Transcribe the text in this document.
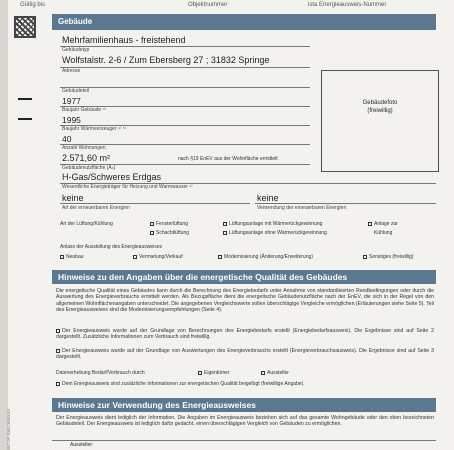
Gültig bis	Objektnummer	ista Energieausweis-Nummer
Gebäude
Mehrfamilienhaus - freistehend
Gebäudetyp
Wolfstalstr. 2-6 / Zum Ebersberg 27 ; 31832 Springe
Adresse
Gebäudeteil
1977
Baujahr Gebäude ⁴⁾
1995
Baujahr Wärmeerzeuger ⁴⁾ ⁵⁾
40
Anzahl Wohnungen
2.571,60 m²	nach §19 EnEV aus der Wohnfläche ermittelt
Gebäudenutzfläche (Aₙ)
H-Gas/Schweres Erdgas
Wesentliche Energieträger für Heizung und Warmwasser ⁴⁾
Gebäudefoto
(freiwillig)
keine	keine
Art der erneuerbaren Energien	Verwendung der erneuerbaren Energien
Art der Lüftung/Kühlung	Fensterlüftung	Lüftungsanlage mit Wärmerückgewinnung	Anlage zur
Schachtlüftung	Lüftungsanlage ohne Wärmerückgewinnung	Kühlung
Anlass der Ausstellung des Energieausweises
Neubau	Vermietung/Verkauf	Modernisierung (Änderung/Erweiterung)	Sonstiges (freiwillig)
Hinweise zu den Angaben über die energetische Qualität des Gebäudes
Die energetische Qualität eines Gebäudes kann durch die Berechnung des Energiebedarfs unter Annahme von standardisierten Randbedingungen oder durch die Auswertung des Energieverbrauchs ermittelt werden. Als Bezugsfläche dient die energetische Gebäudenutzfläche nach der EnEV, die sich in der Regel von den allgemeinen Wohnflächenangaben unterscheidet. Die angegebenen Vergleichswerte sollen überschlägige Vergleiche ermöglichen (Erläuterungen siehe Seite 5). Teil des Energieausweises sind die Modernisierungsempfehlungen (Seite 4).
Der Energieausweis wurde auf der Grundlage von Berechnungen des Energiebedarfs erstellt (Energiebedarfsausweis). Die Ergebnisse sind auf Seite 2 dargestellt. Zusätzliche Informationen zum Verbrauch sind freiwillig.
Der Energieausweis wurde auf der Grundlage von Auswertungen des Energieverbrauchs erstellt (Energieverbrauchsausweis). Die Ergebnisse sind auf Seite 3 dargestellt.
Datenerhebung Bedarf/Verbrauch durch	Eigentümer	Aussteller
Dem Energieausweis sind zusätzliche Informationen zur energetischen Qualität beigefügt (freiwillige Angabe).
Hinweise zur Verwendung des Energieausweises
Der Energieausweis dient lediglich der Information. Die Angaben im Energieausweis beziehen sich auf das gesamte Wohngebäude oder den oben bezeichneten Gebäudeteil. Der Energieausweis ist lediglich dafür gedacht, einen überschlägigen Vergleich von Gebäuden zu ermöglichen.
Aussteller:
0B7.0P-5000.0/000015
